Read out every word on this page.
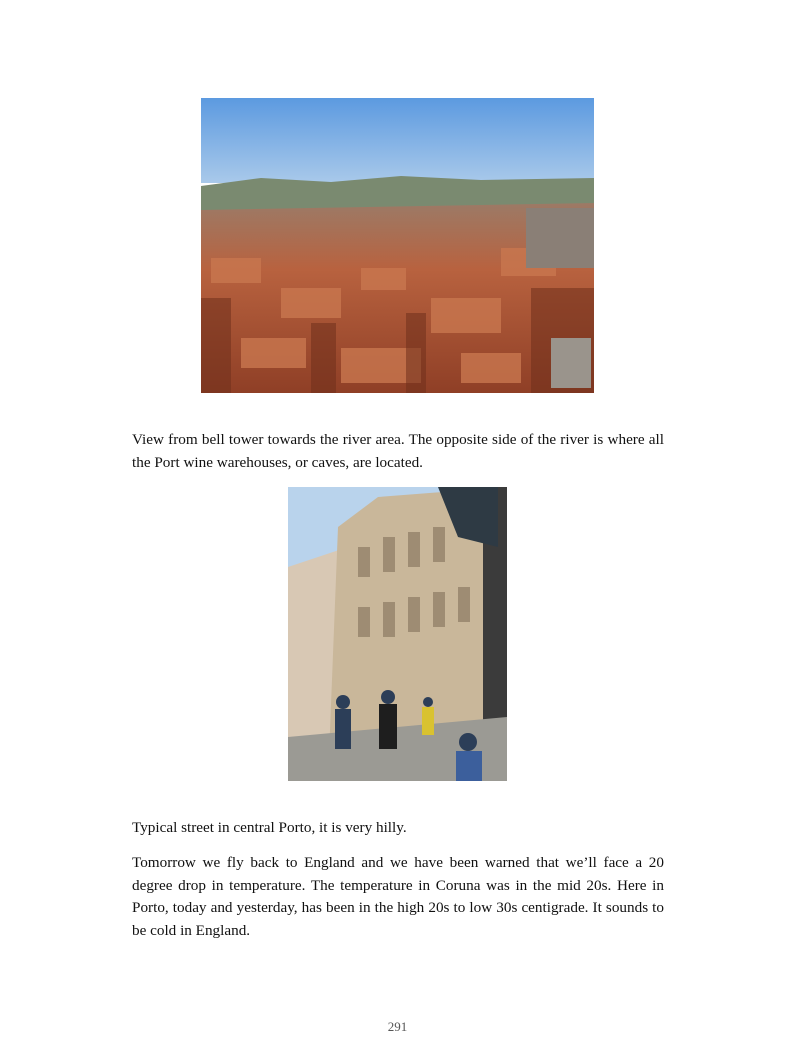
View from bell tower towards the river area. The opposite side of the river is where all the Port wine warehouses, or caves, are located.

Typical street in central Porto, it is very hilly.

Tomorrow we fly back to England and we have been warned that we’ll face a 20 degree drop in temperature. The temperature in Coruna was in the mid 20s. Here in Porto, today and yesterday, has been in the high 20s to low 30s centigrade. It sounds to be cold in England.

291
